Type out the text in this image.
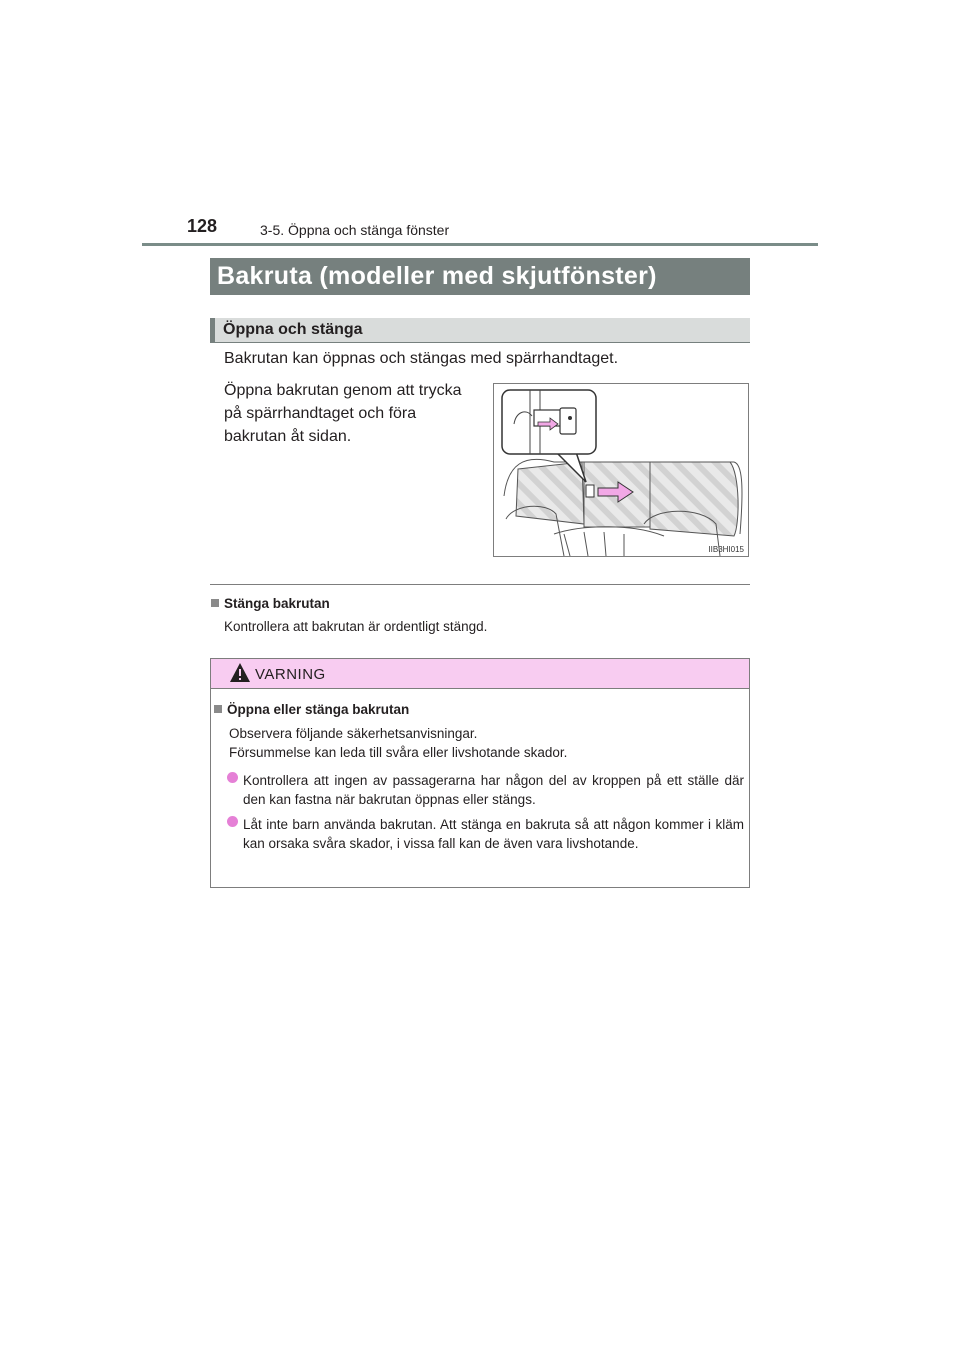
128	3-5. Öppna och stänga fönster
Bakruta (modeller med skjutfönster)
Öppna och stänga
Bakrutan kan öppnas och stängas med spärrhandtaget.
Öppna bakrutan genom att trycka på spärrhandtaget och föra bakrutan åt sidan.
IIB3HI015
Stänga bakrutan
Kontrollera att bakrutan är ordentligt stängd.
VARNING
Öppna eller stänga bakrutan
Observera följande säkerhetsanvisningar.
Försummelse kan leda till svåra eller livshotande skador.
Kontrollera att ingen av passagerarna har någon del av kroppen på ett ställe där den kan fastna när bakrutan öppnas eller stängs.
Låt inte barn använda bakrutan. Att stänga en bakruta så att någon kommer i kläm kan orsaka svåra skador, i vissa fall kan de även vara livshotande.
